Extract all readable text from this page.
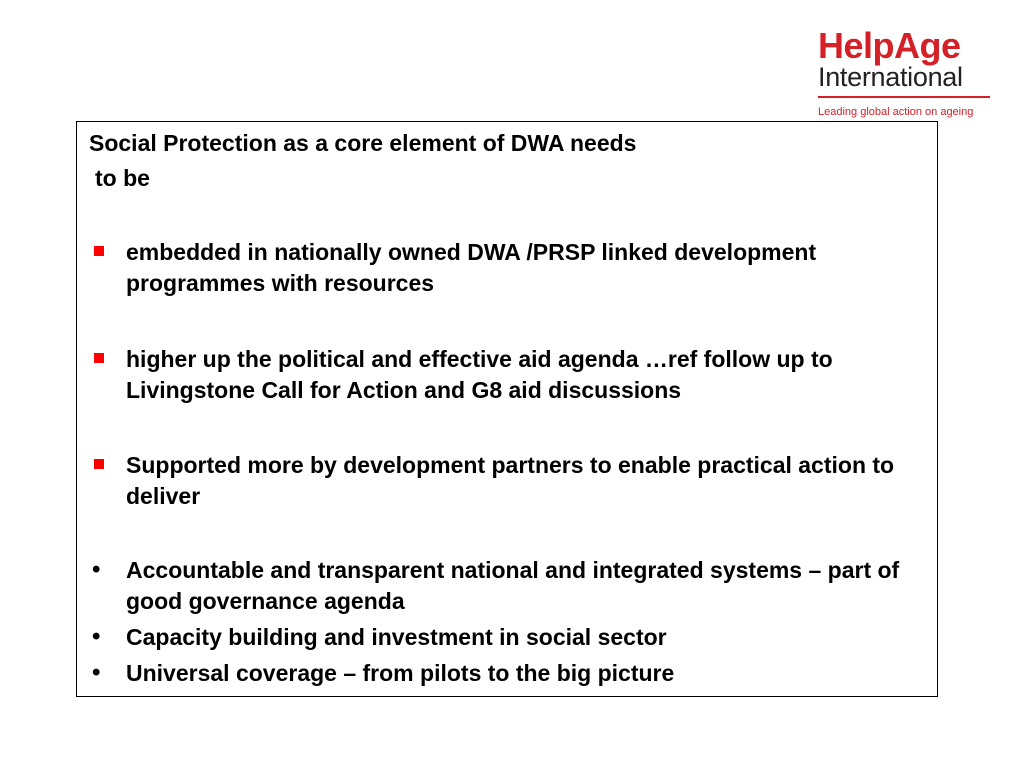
HelpAge
International
Leading global action on ageing
Social Protection as a core element of DWA needs
to be
embedded in nationally owned DWA /PRSP linked development programmes with resources
higher up the political and effective aid agenda …ref follow up to Livingstone Call for Action and G8 aid discussions
Supported more by development partners to enable practical action to deliver
• Accountable and transparent national and integrated systems – part of good governance agenda
• Capacity building and investment in social sector
• Universal coverage – from pilots to the big picture
